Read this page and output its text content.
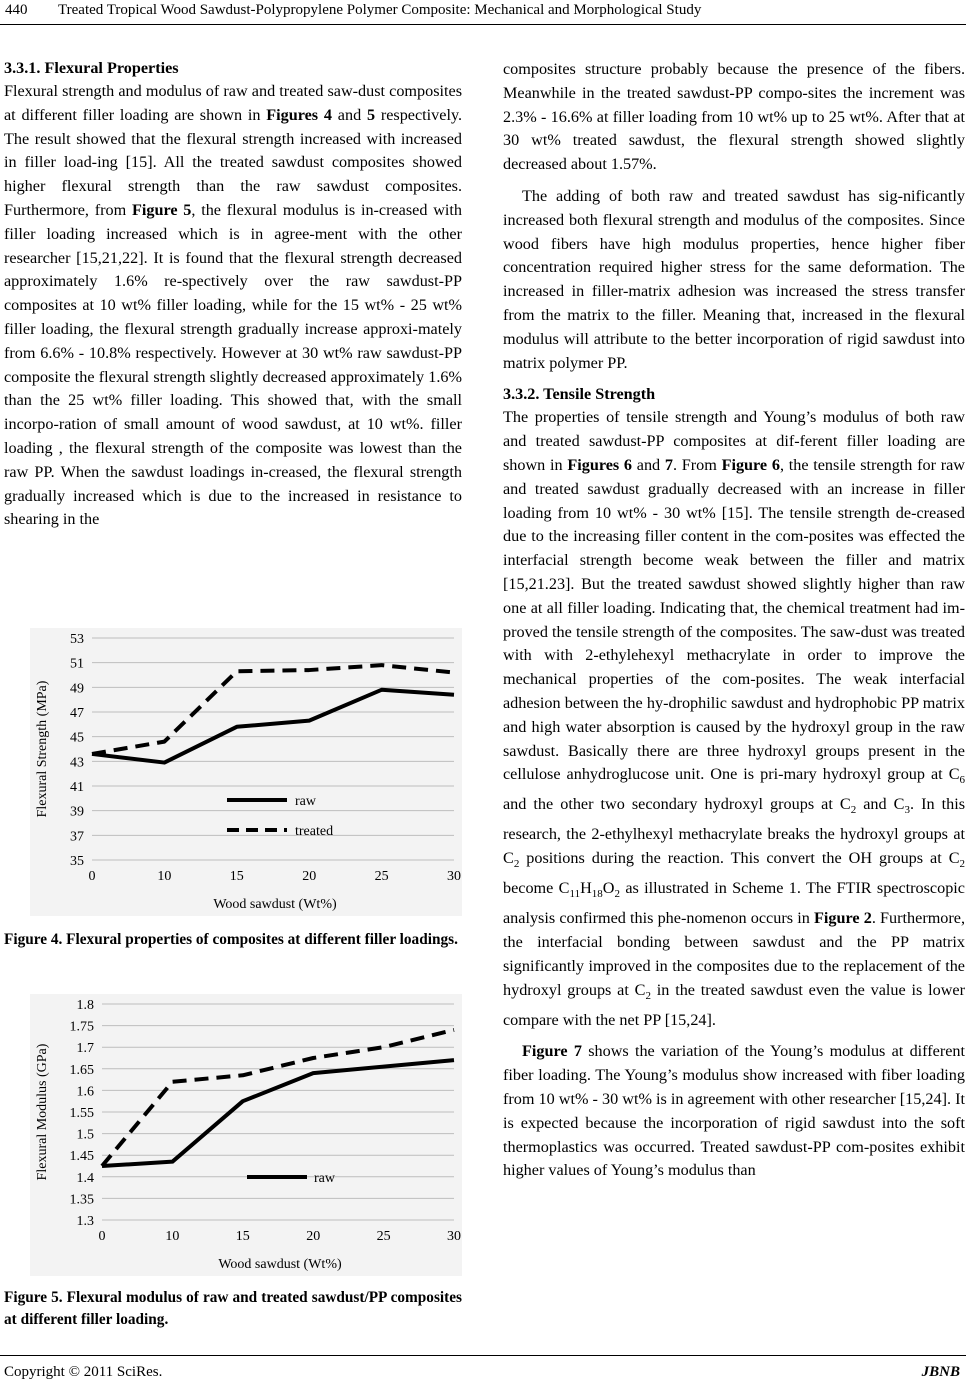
440 Treated Tropical Wood Sawdust-Polypropylene Polymer Composite: Mechanical and Morphological Study
3.3.1. Flexural Properties

Flexural strength and modulus of raw and treated saw-dust composites at different filler loading are shown in Figures 4 and 5 respectively. The result showed that the flexural strength increased with increased in filler load-ing [15]. All the treated sawdust composites showed higher flexural strength than the raw sawdust composites. Furthermore, from Figure 5, the flexural modulus is in-creased with filler loading increased which is in agree-ment with the other researcher [15,21,22]. It is found that the flexural strength decreased approximately 1.6% re-spectively over the raw sawdust-PP composites at 10 wt% filler loading, while for the 15 wt% - 25 wt% filler loading, the flexural strength gradually increase approxi-mately from 6.6% - 10.8% respectively. However at 30 wt% raw sawdust-PP composite the flexural strength slightly decreased approximately 1.6% than the 25 wt% filler loading. This showed that, with the small incorpo-ration of small amount of wood sawdust, at 10 wt%. filler loading , the flexural strength of the composite was lowest than the raw PP. When the sawdust loadings in-creased, the flexural strength gradually increased which is due to the increased in resistance to shearing in the

35
37
39
41
43
45
47
49
51
53
0	10	15	20	25	30
Wood sawdust (Wt%)
Flexural Strength (MPa)	raw
treated
Figure 4. Flexural properties of composites at different filler loadings.
1.3
1.35
1.4
1.45
1.5
1.55
1.6
1.65
1.7
1.75
1.8
0	10	15	20	25	30
Wood sawdust (Wt%)
Flexural Modulus (GPa)	raw
Figure 5. Flexural modulus of raw and treated sawdust/PP composites at different filler loading.

composites structure probably because the presence of the fibers. Meanwhile in the treated sawdust-PP compo-sites the increment was 2.3% - 16.6% at filler loading from 10 wt% up to 25 wt%. After that at 30 wt% treated sawdust, the flexural strength showed slightly decreased about 1.57%.

The adding of both raw and treated sawdust has sig-nificantly increased both flexural strength and modulus of the composites. Since wood fibers have high modulus properties, hence higher fiber concentration required higher stress for the same deformation. The increased in filler-matrix adhesion was increased the stress transfer from the matrix to the filler. Meaning that, increased in the flexural modulus will attribute to the better incorporation of rigid sawdust into matrix polymer PP.

3.3.2. Tensile Strength

The properties of tensile strength and Young’s modulus of both raw and treated sawdust-PP composites at dif-ferent filler loading are shown in Figures 6 and 7. From Figure 6, the tensile strength for raw and treated sawdust gradually decreased with an increase in filler loading from 10 wt% - 30 wt% [15]. The tensile strength de-creased due to the increasing filler content in the com-posites was effected the interfacial strength become weak between the filler and matrix [15,21.23]. But the treated sawdust showed slightly higher than raw one at all filler loading. Indicating that, the chemical treatment had im-proved the tensile strength of the composites. The saw-dust was treated with with 2-ethylehexyl methacrylate in order to improve the mechanical properties of the com-posites. The weak interfacial adhesion between the hy-drophilic sawdust and hydrophobic PP matrix and high water absorption is caused by the hydroxyl group in the raw sawdust. Basically there are three hydroxyl groups present in the cellulose anhydroglucose unit. One is pri-mary hydroxyl group at $C_6$ and the other two secondary hydroxyl groups at $C_2$ and $C_3$. In this research, the 2-ethylhexyl methacrylate breaks the hydroxyl groups at $C_2$ positions during the reaction. This convert the OH groups at $C_2$ become $C_{11}H_{18}O_2$ as illustrated in Scheme 1. The FTIR spectroscopic analysis confirmed this phe-nomenon occurs in Figure 2. Furthermore, the interfacial bonding between sawdust and the PP matrix significantly improved in the composites due to the replacement of the hydroxyl groups at $C_2$ in the treated sawdust even the value is lower compare with the net PP [15,24].

Figure 7 shows the variation of the Young’s modulus at different fiber loading. The Young’s modulus show increased with fiber loading from 10 wt% - 30 wt% is in agreement with other researcher [15,24]. It is expected because the incorporation of rigid sawdust into the soft thermoplastics was occurred. Treated sawdust-PP com-posites exhibit higher values of Young’s modulus than

Copyright © 2011 SciRes.	JBNB
